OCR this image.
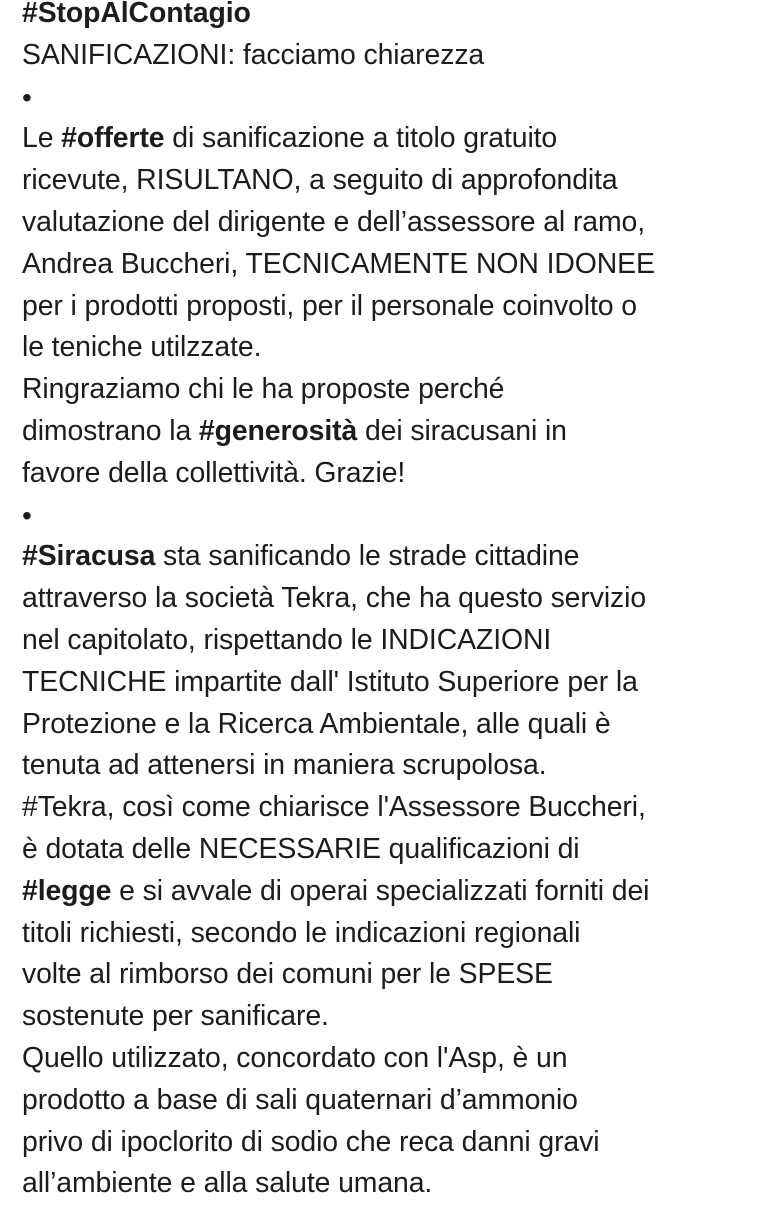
#StopAlContagio
SANIFICAZIONI: facciamo chiarezza
•
Le #offerte di sanificazione a titolo gratuito
ricevute, RISULTANO, a seguito di approfondita
valutazione del dirigente e dell’assessore al ramo,
Andrea Buccheri, TECNICAMENTE NON IDONEE
per i prodotti proposti, per il personale coinvolto o
le teniche utilzzate.
Ringraziamo chi le ha proposte perché
dimostrano la #generosità dei siracusani in
favore della collettività. Grazie!
•
#Siracusa sta sanificando le strade cittadine
attraverso la società Tekra, che ha questo servizio
nel capitolato, rispettando le INDICAZIONI
TECNICHE impartite dall' Istituto Superiore per la
Protezione e la Ricerca Ambientale, alle quali è
tenuta ad attenersi in maniera scrupolosa.
#Tekra, così come chiarisce l'Assessore Buccheri,
è dotata delle NECESSARIE qualificazioni di
#legge e si avvale di operai specializzati forniti dei
titoli richiesti, secondo le indicazioni regionali
volte al rimborso dei comuni per le SPESE
sostenute per sanificare.
Quello utilizzato, concordato con l'Asp, è un
prodotto a base di sali quaternari d’ammonio
privo di ipoclorito di sodio che reca danni gravi
all’ambiente e alla salute umana.
